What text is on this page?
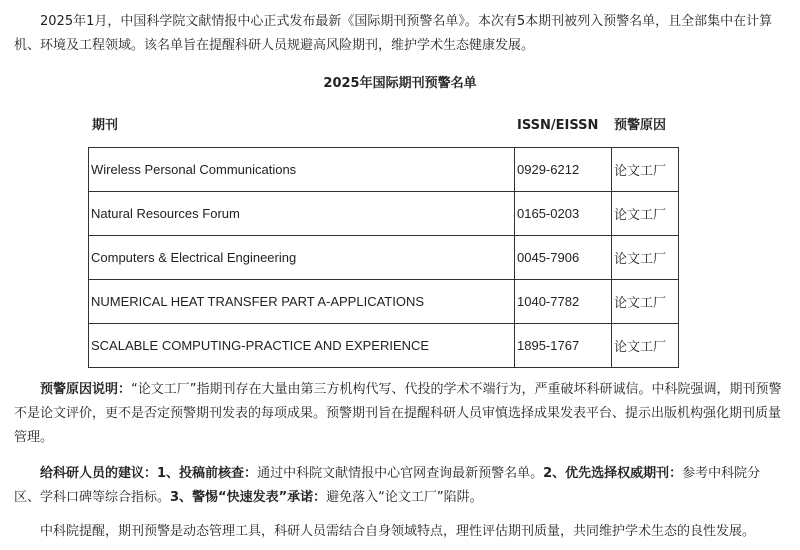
2025年1月，中国科学院文献情报中心正式发布最新《国际期刊预警名单》。本次有5本期刊被列入预警名单，且全部集中在计算机、环境及工程领域。该名单旨在提醒科研人员规避高风险期刊，维护学术生态健康发展。

2025年国际期刊预警名单
期刊	ISSN/EISSN 预警原因
Wireless Personal Communications	0929-6212	论文工厂
Natural Resources Forum	0165-0203	论文工厂
Computers & Electrical Engineering	0045-7906	论文工厂
NUMERICAL HEAT TRANSFER PART A-APPLICATIONS	1040-7782	论文工厂
SCALABLE COMPUTING-PRACTICE AND EXPERIENCE	1895-1767	论文工厂

预警原因说明：“论文工厂”指期刊存在大量由第三方机构代写、代投的学术不端行为，严重破坏科研诚信。中科院强调，期刊预警不是论文评价，更不是否定预警期刊发表的每项成果。预警期刊旨在提醒科研人员审慎选择成果发表平台、提示出版机构强化期刊质量管理。

给科研人员的建议：1、投稿前核查：通过中科院文献情报中心官网查询最新预警名单。2、优先选择权威期刊：参考中科院分区、学科口碑等综合指标。3、警惕“快速发表”承诺：避免落入“论文工厂”陷阱。

中科院提醒，期刊预警是动态管理工具，科研人员需结合自身领域特点，理性评估期刊质量，共同维护学术生态的良性发展。
